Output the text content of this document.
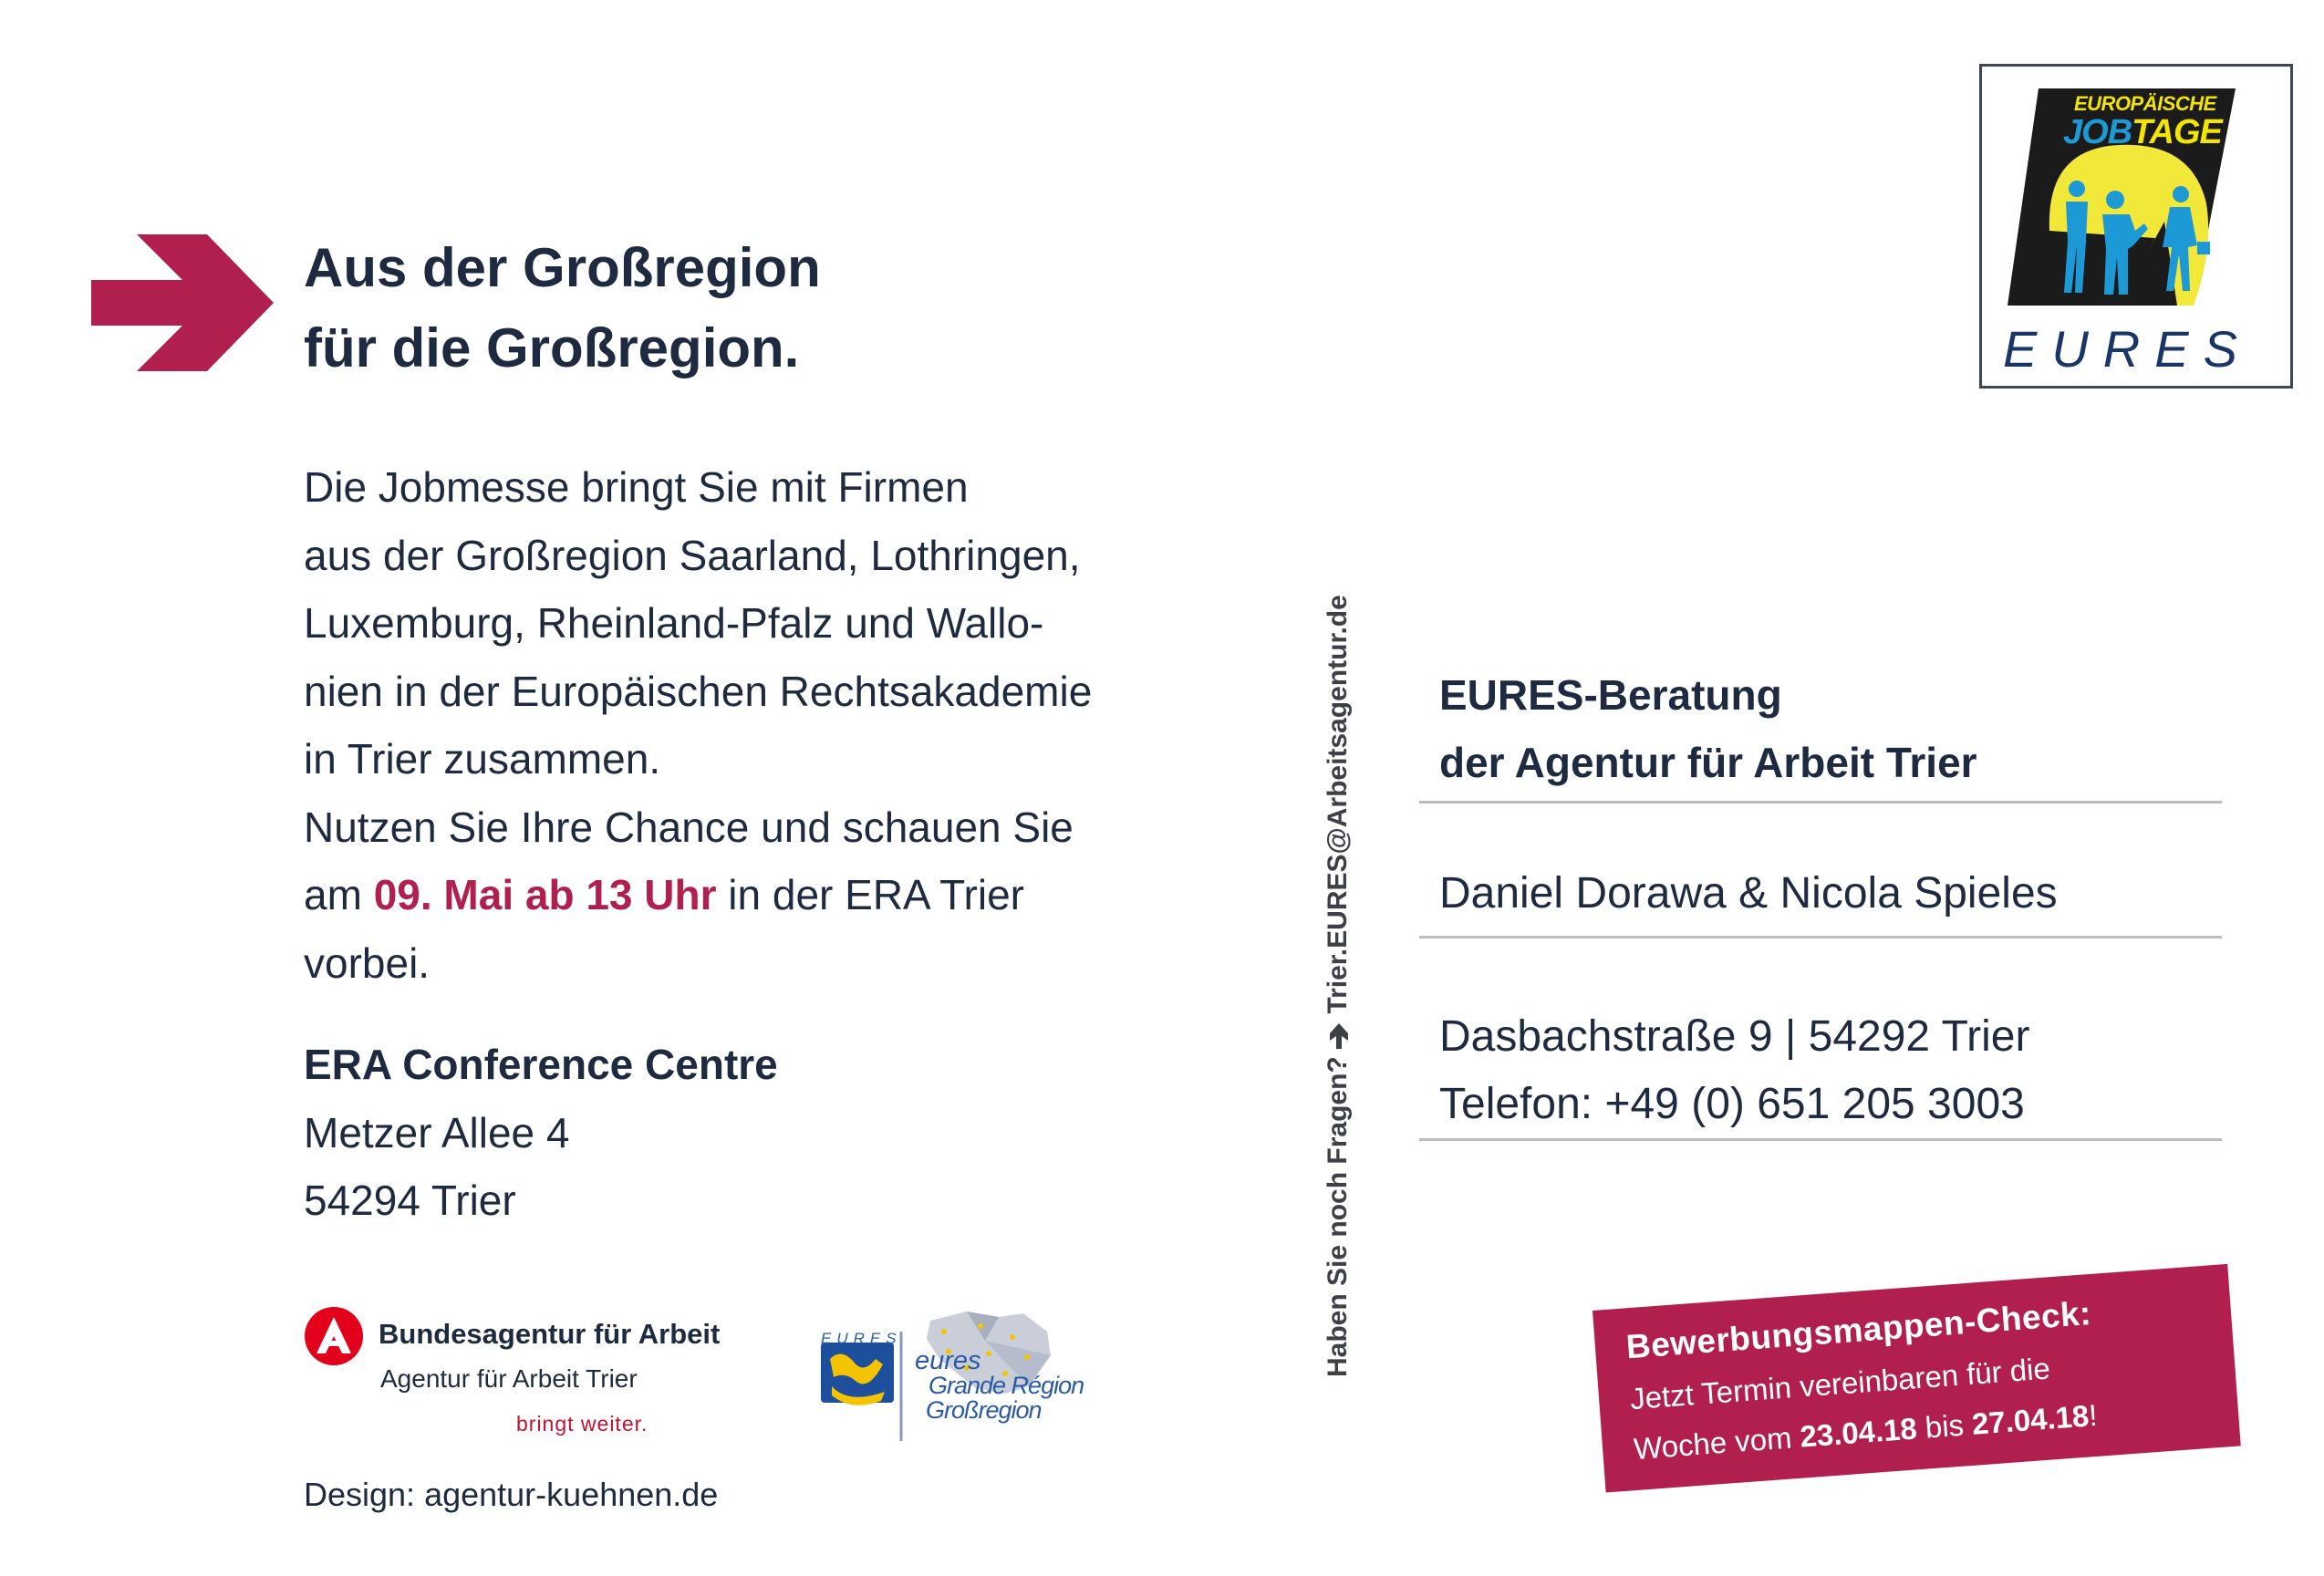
Aus der Großregion
für die Großregion.
Die Jobmesse bringt Sie mit Firmen
aus der Großregion Saarland, Lothringen,
Luxemburg, Rheinland-Pfalz und Wallo-
nien in der Europäischen Rechtsakademie
in Trier zusammen.
Nutzen Sie Ihre Chance und schauen Sie
am 09. Mai ab 13 Uhr in der ERA Trier
vorbei.
ERA Conference Centre
Metzer Allee 4
54294 Trier
Bundesagentur für Arbeit
Agentur für Arbeit Trier
bringt weiter.
EURES
eures
Grande Région
Großregion
Design: agentur-kuehnen.de
Haben Sie noch Fragen?  Trier.EURES@Arbeitsagentur.de EURES-Beratung
der Agentur für Arbeit Trier
Daniel Dorawa & Nicola Spieles
Dasbachstraße 9 | 54292 Trier
Telefon: +49 (0) 651 205 3003
EUROPÄISCHE
JOBTAGE
EURES
Bewerbungsmappen-Check:
Jetzt Termin vereinbaren für die
Woche vom 23.04.18 bis 27.04.18!
